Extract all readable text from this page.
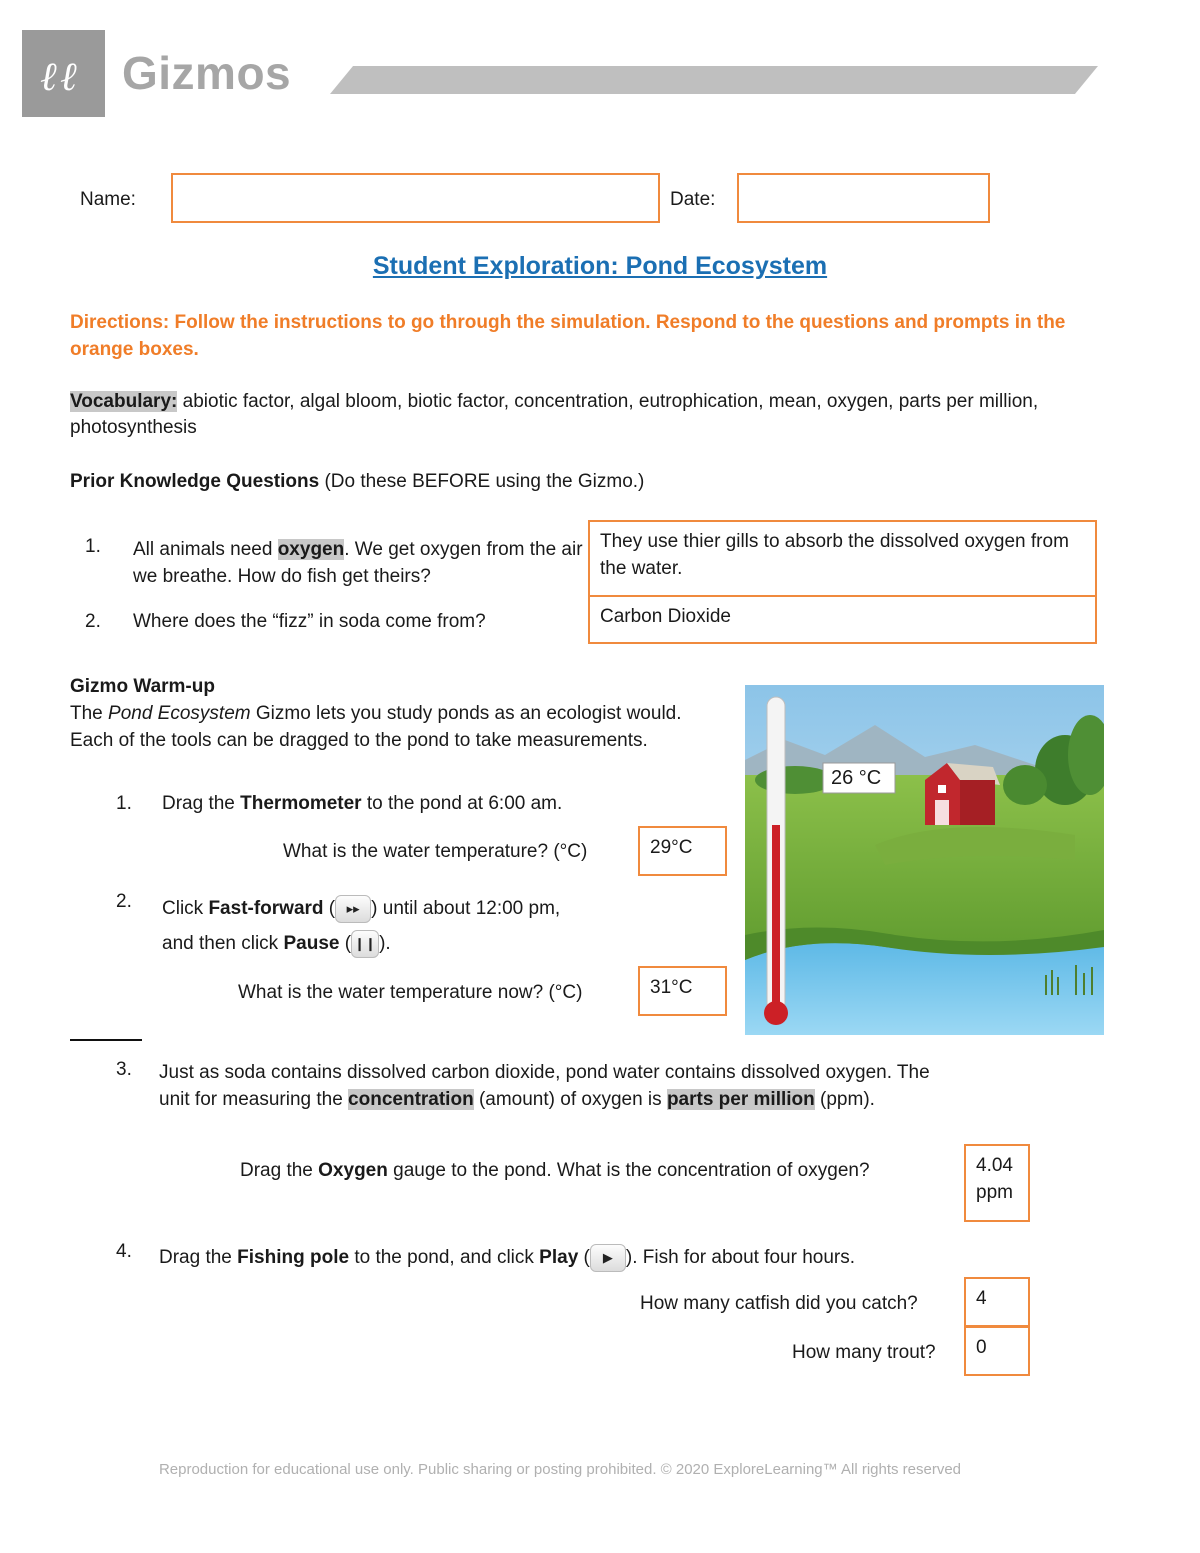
ℓ ℓ Gizmos
Name:	Date:
Student Exploration: Pond Ecosystem
Directions: Follow the instructions to go through the simulation. Respond to the questions and prompts in the orange boxes.
Vocabulary: abiotic factor, algal bloom, biotic factor, concentration, eutrophication, mean, oxygen, parts per million, photosynthesis
Prior Knowledge Questions (Do these BEFORE using the Gizmo.)
1. All animals need oxygen. We get oxygen from the air we breathe. How do fish get theirs?
They use thier gills to absorb the dissolved oxygen from the water.
2. Where does the “fizz” in soda come from?	Carbon Dioxide
Gizmo Warm-up
The Pond Ecosystem Gizmo lets you study ponds as an ecologist would. Each of the tools can be dragged to the pond to take measurements.
1. Drag the Thermometer to the pond at 6:00 am.
What is the water temperature? (°C)	29°C
2. Click Fast-forward ( ▸▸ ) until about 12:00 pm,
and then click Pause ( ❙❙ ).
What is the water temperature now? (°C)	31°C
26 °C
3. Just as soda contains dissolved carbon dioxide, pond water contains dissolved oxygen. The unit for measuring the concentration (amount) of oxygen is parts per million (ppm).
Drag the Oxygen gauge to the pond. What is the concentration of oxygen?	4.04
ppm
4. Drag the Fishing pole to the pond, and click Play ( ▶ ). Fish for about four hours.
How many catfish did you catch?	4
How many trout?	0
Reproduction for educational use only. Public sharing or posting prohibited. © 2020 ExploreLearning™ All rights reserved
